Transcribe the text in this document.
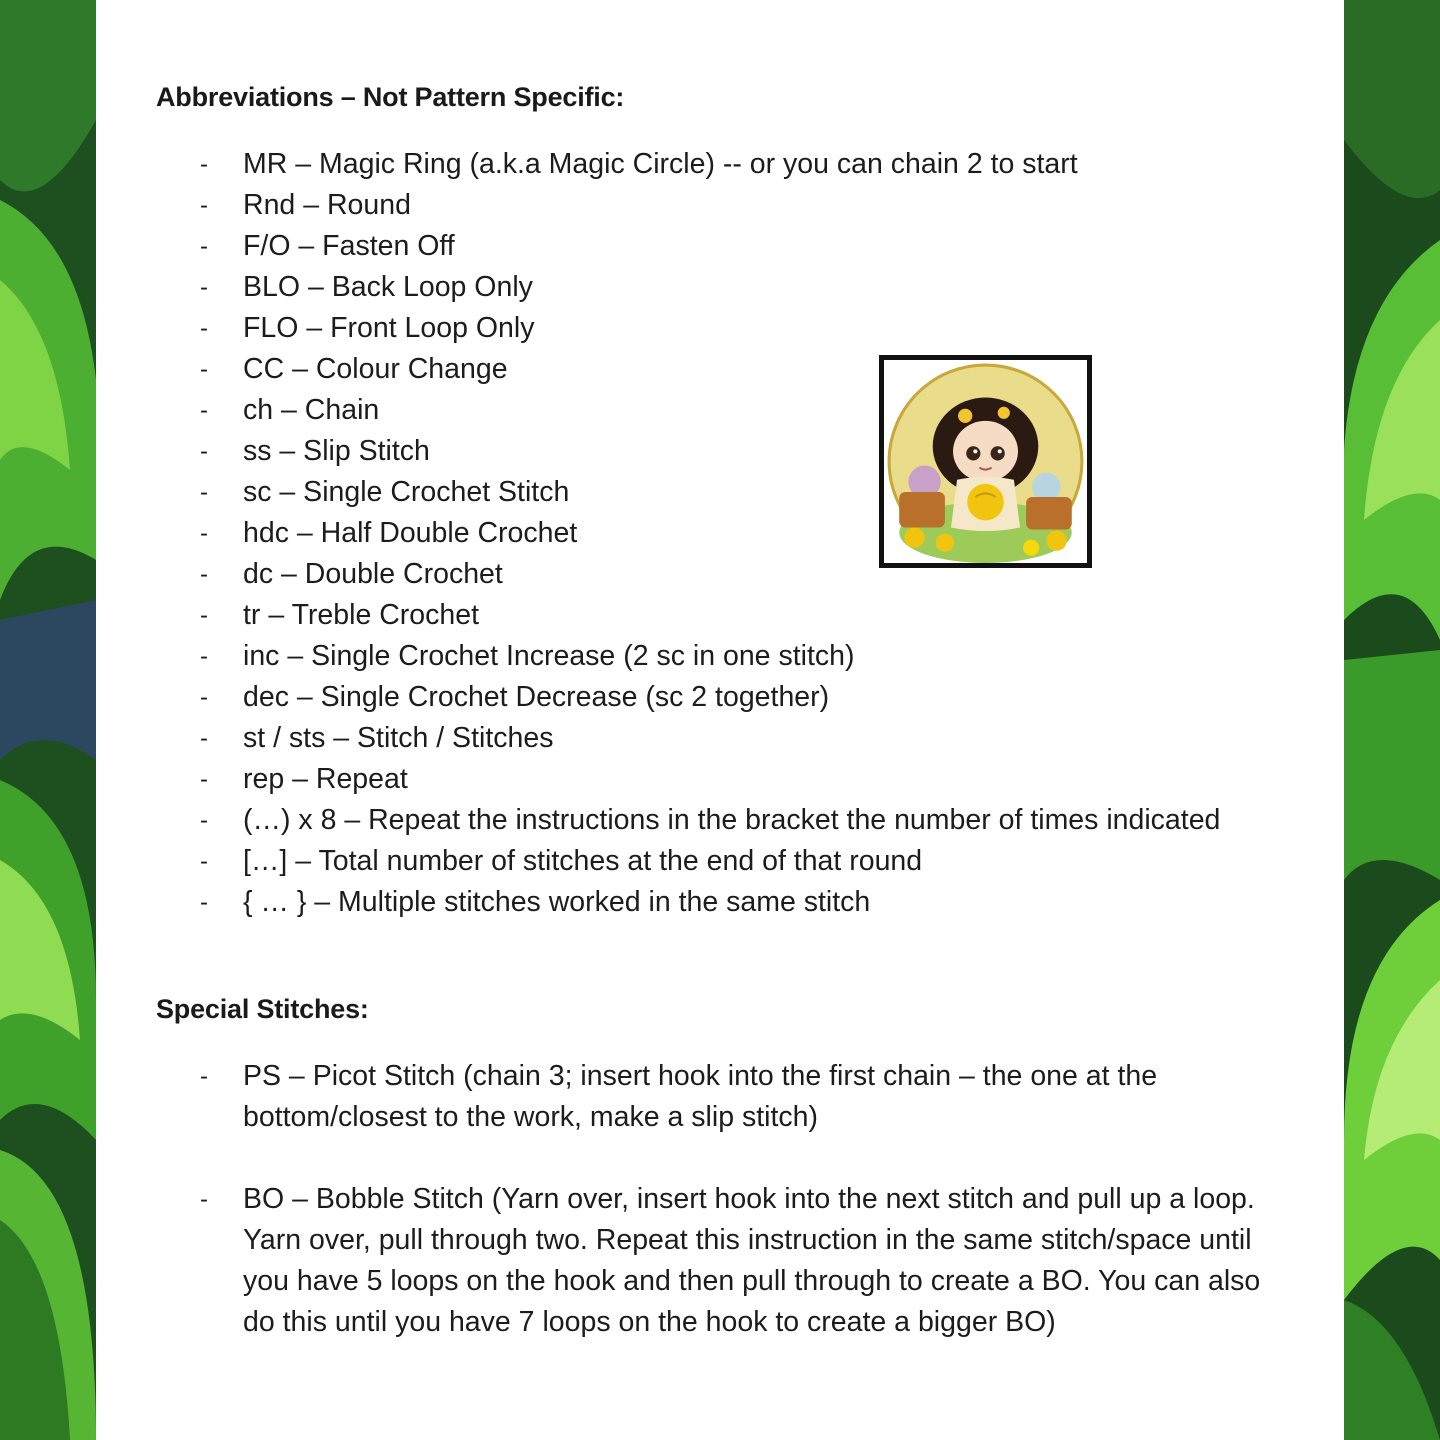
Abbreviations – Not Pattern Specific:
- MR – Magic Ring (a.k.a Magic Circle) -- or you can chain 2 to start
- Rnd – Round
- F/O – Fasten Off
- BLO – Back Loop Only
- FLO – Front Loop Only
- CC – Colour Change
- ch – Chain
- ss – Slip Stitch
- sc – Single Crochet Stitch
- hdc – Half Double Crochet
- dc – Double Crochet
- tr – Treble Crochet
- inc – Single Crochet Increase (2 sc in one stitch)
- dec – Single Crochet Decrease (sc 2 together)
- st / sts – Stitch / Stitches
- rep – Repeat
- (…) x 8 – Repeat the instructions in the bracket the number of times indicated
- […] – Total number of stitches at the end of that round
- { … } – Multiple stitches worked in the same stitch
Special Stitches:
- PS – Picot Stitch (chain 3; insert hook into the first chain – the one at the bottom/closest to the work, make a slip stitch)
- BO – Bobble Stitch (Yarn over, insert hook into the next stitch and pull up a loop. Yarn over, pull through two. Repeat this instruction in the same stitch/space until you have 5 loops on the hook and then pull through to create a BO. You can also do this until you have 7 loops on the hook to create a bigger BO)
